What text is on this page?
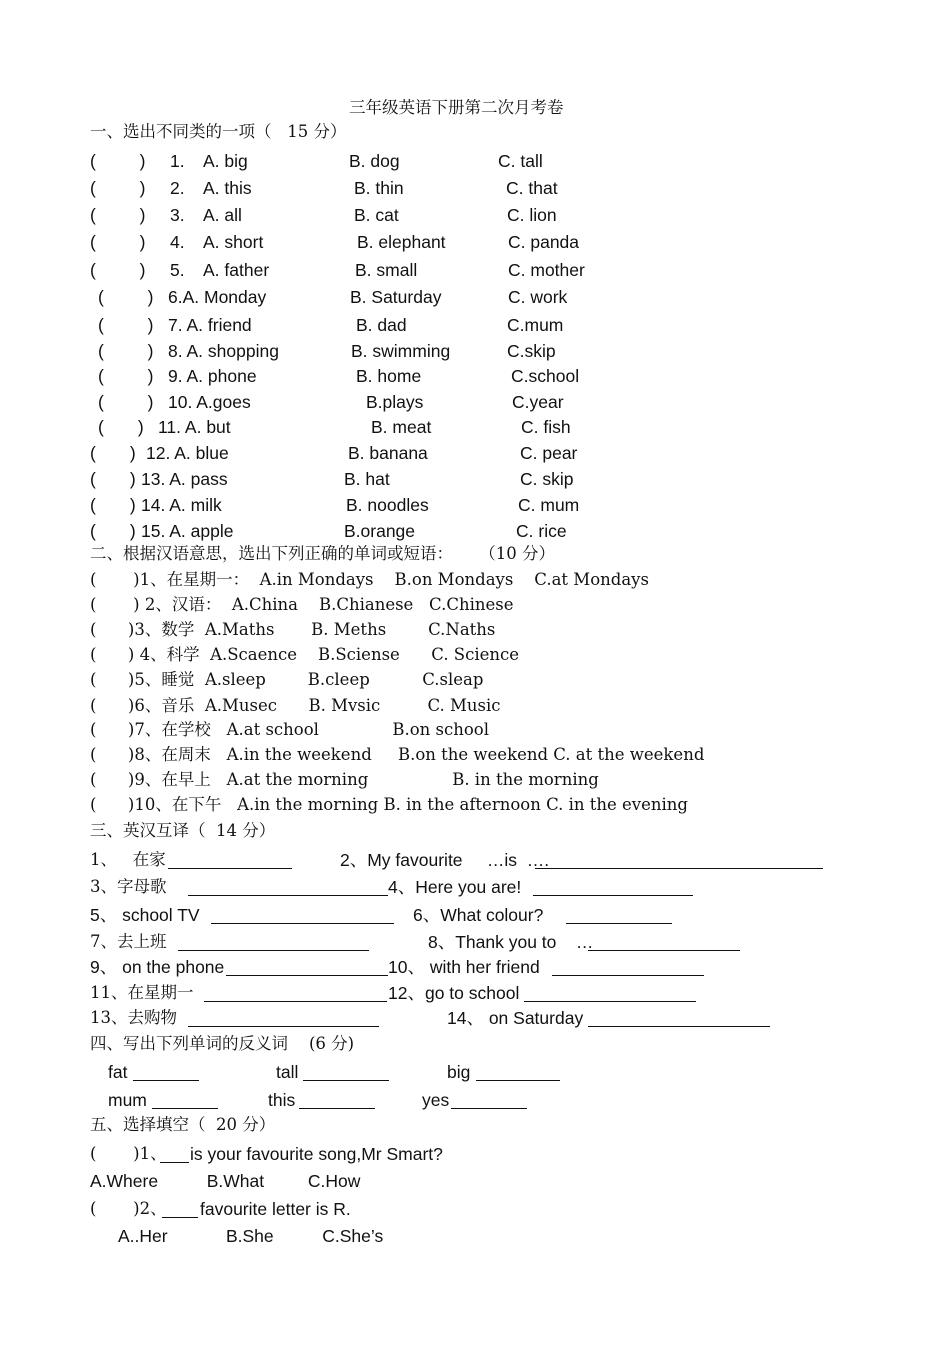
三年级英语下册第二次月考卷
一、选出不同类的一项（   15 分）
(         ) 1. A. big	B. dog	C. tall
(         ) 2. A. this	B. thin	C. that
(         ) 3. A. all	B. cat	C. lion
(         ) 4. A. short	B. elephant	C. panda
(         ) 5. A. father	B. small	C. mother
(         ) 6.A. Monday	B. Saturday	C. work
(         ) 7. A. friend	B. dad	C.mum
(         ) 8. A. shopping	B. swimming	C.skip
(         ) 9. A. phone	B. home	C.school
(         ) 10. A.goes	B.plays	C.year
(       ) 11. A. but	B. meat	C. fish
(       ) 12. A. blue	B. banana	C. pear
(       ) 13. A. pass	B. hat	C. skip
(       ) 14. A. milk	B. noodles	C. mum
(       ) 15. A. apple	B.orange	C. rice
二、根据汉语意思，选出下列正确的单词或短语：     （10 分）
(       )1、在星期一：  A.in Mondays    B.on Mondays    C.at Mondays
(       ) 2、汉语：  A.China    B.Chianese   C.Chinese
(      )3、数学  A.Maths       B. Meths        C.Naths
(      ) 4、科学  A.Scaence    B.Sciense      C. Science
(      )5、睡觉  A.sleep        B.cleep          C.sleap
(      )6、音乐  A.Musec      B. Mvsic         C. Music
(      )7、在学校   A.at school              B.on school
(      )8、在周末   A.in the weekend     B.on the weekend C. at the weekend
(      )9、在早上   A.at the morning                B. in the morning
(      )10、在下午   A.in the morning B. in the afternoon C. in the evening
三、英汉互译（  14 分）
1、   在家	2、My favourite     …is  ….
3、字母歌	4、Here you are!
5、 school TV	6、What colour?
7、去上班	8、Thank you to    …
9、 on the phone	10、 with her friend
11、在星期一	12、go to school
13、去购物	14、 on Saturday
四、写出下列单词的反义词    (6 分)
fat	tall	big
mum	this	yes
五、选择填空（  20 分）
(       )1、 is your favourite song,Mr Smart?
A.Where          B.What         C.How
(       )2、 favourite letter is R.
A..Her            B.She          C.She’s
